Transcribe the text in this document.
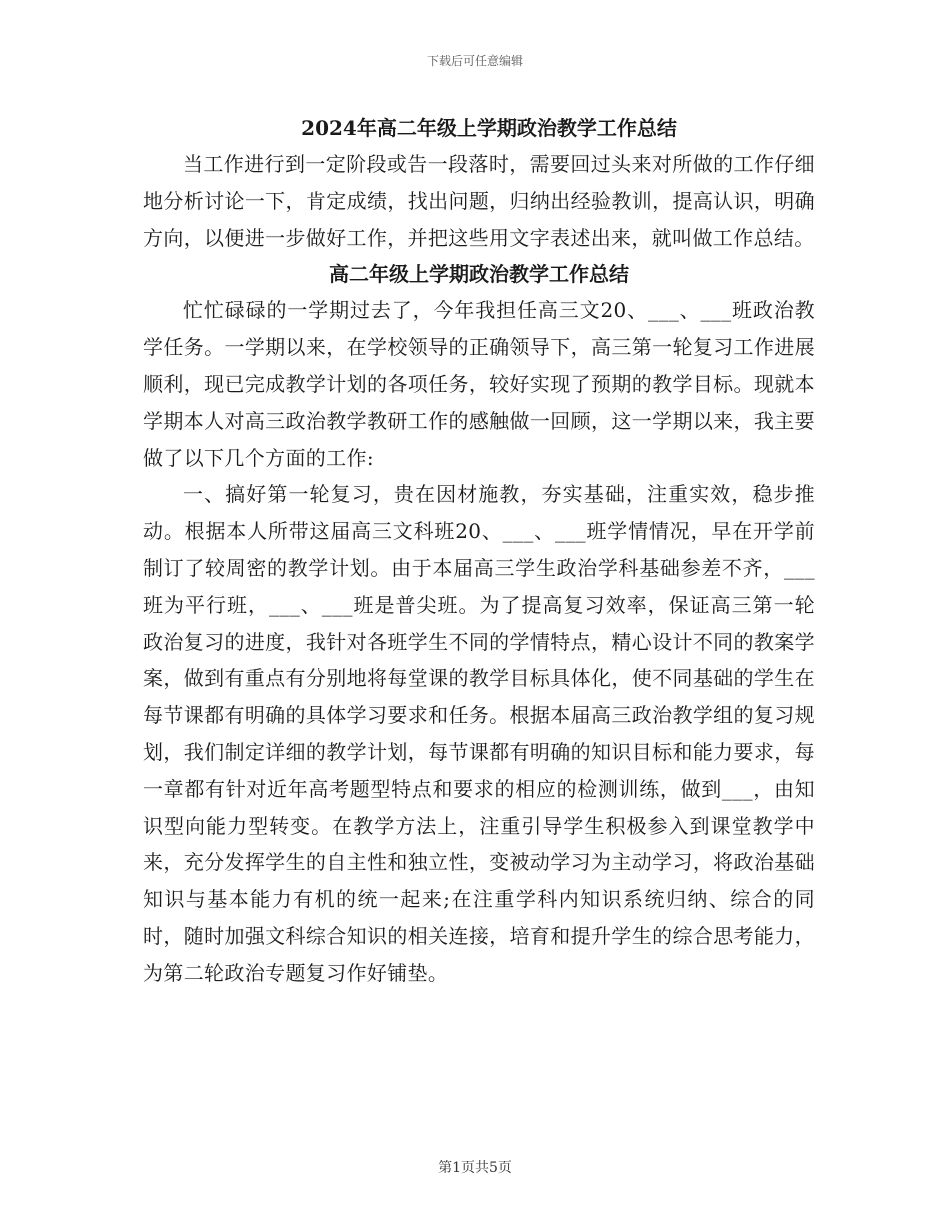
下载后可任意编辑
2024年高二年级上学期政治教学工作总结

当工作进行到一定阶段或告一段落时，需要回过头来对所做的工作仔细地分析讨论一下，肯定成绩，找出问题，归纳出经验教训，提高认识，明确方向，以便进一步做好工作，并把这些用文字表述出来，就叫做工作总结。

高二年级上学期政治教学工作总结

忙忙碌碌的一学期过去了，今年我担任高三文20、___、___班政治教学任务。一学期以来，在学校领导的正确领导下，高三第一轮复习工作进展顺利，现已完成教学计划的各项任务，较好实现了预期的教学目标。现就本学期本人对高三政治教学教研工作的感触做一回顾，这一学期以来，我主要做了以下几个方面的工作:

一、搞好第一轮复习，贵在因材施教，夯实基础，注重实效，稳步推动。根据本人所带这届高三文科班20、___、___班学情情况，早在开学前制订了较周密的教学计划。由于本届高三学生政治学科基础参差不齐，___班为平行班，___、___班是普尖班。为了提高复习效率，保证高三第一轮政治复习的进度，我针对各班学生不同的学情特点，精心设计不同的教案学案，做到有重点有分别地将每堂课的教学目标具体化，使不同基础的学生在每节课都有明确的具体学习要求和任务。根据本届高三政治教学组的复习规划，我们制定详细的教学计划，每节课都有明确的知识目标和能力要求，每一章都有针对近年高考题型特点和要求的相应的检测训练，做到___，由知识型向能力型转变。在教学方法上，注重引导学生积极参入到课堂教学中来，充分发挥学生的自主性和独立性，变被动学习为主动学习，将政治基础知识与基本能力有机的统一起来;在注重学科内知识系统归纳、综合的同时，随时加强文科综合知识的相关连接，培育和提升学生的综合思考能力，为第二轮政治专题复习作好铺垫。

第1页共5页
